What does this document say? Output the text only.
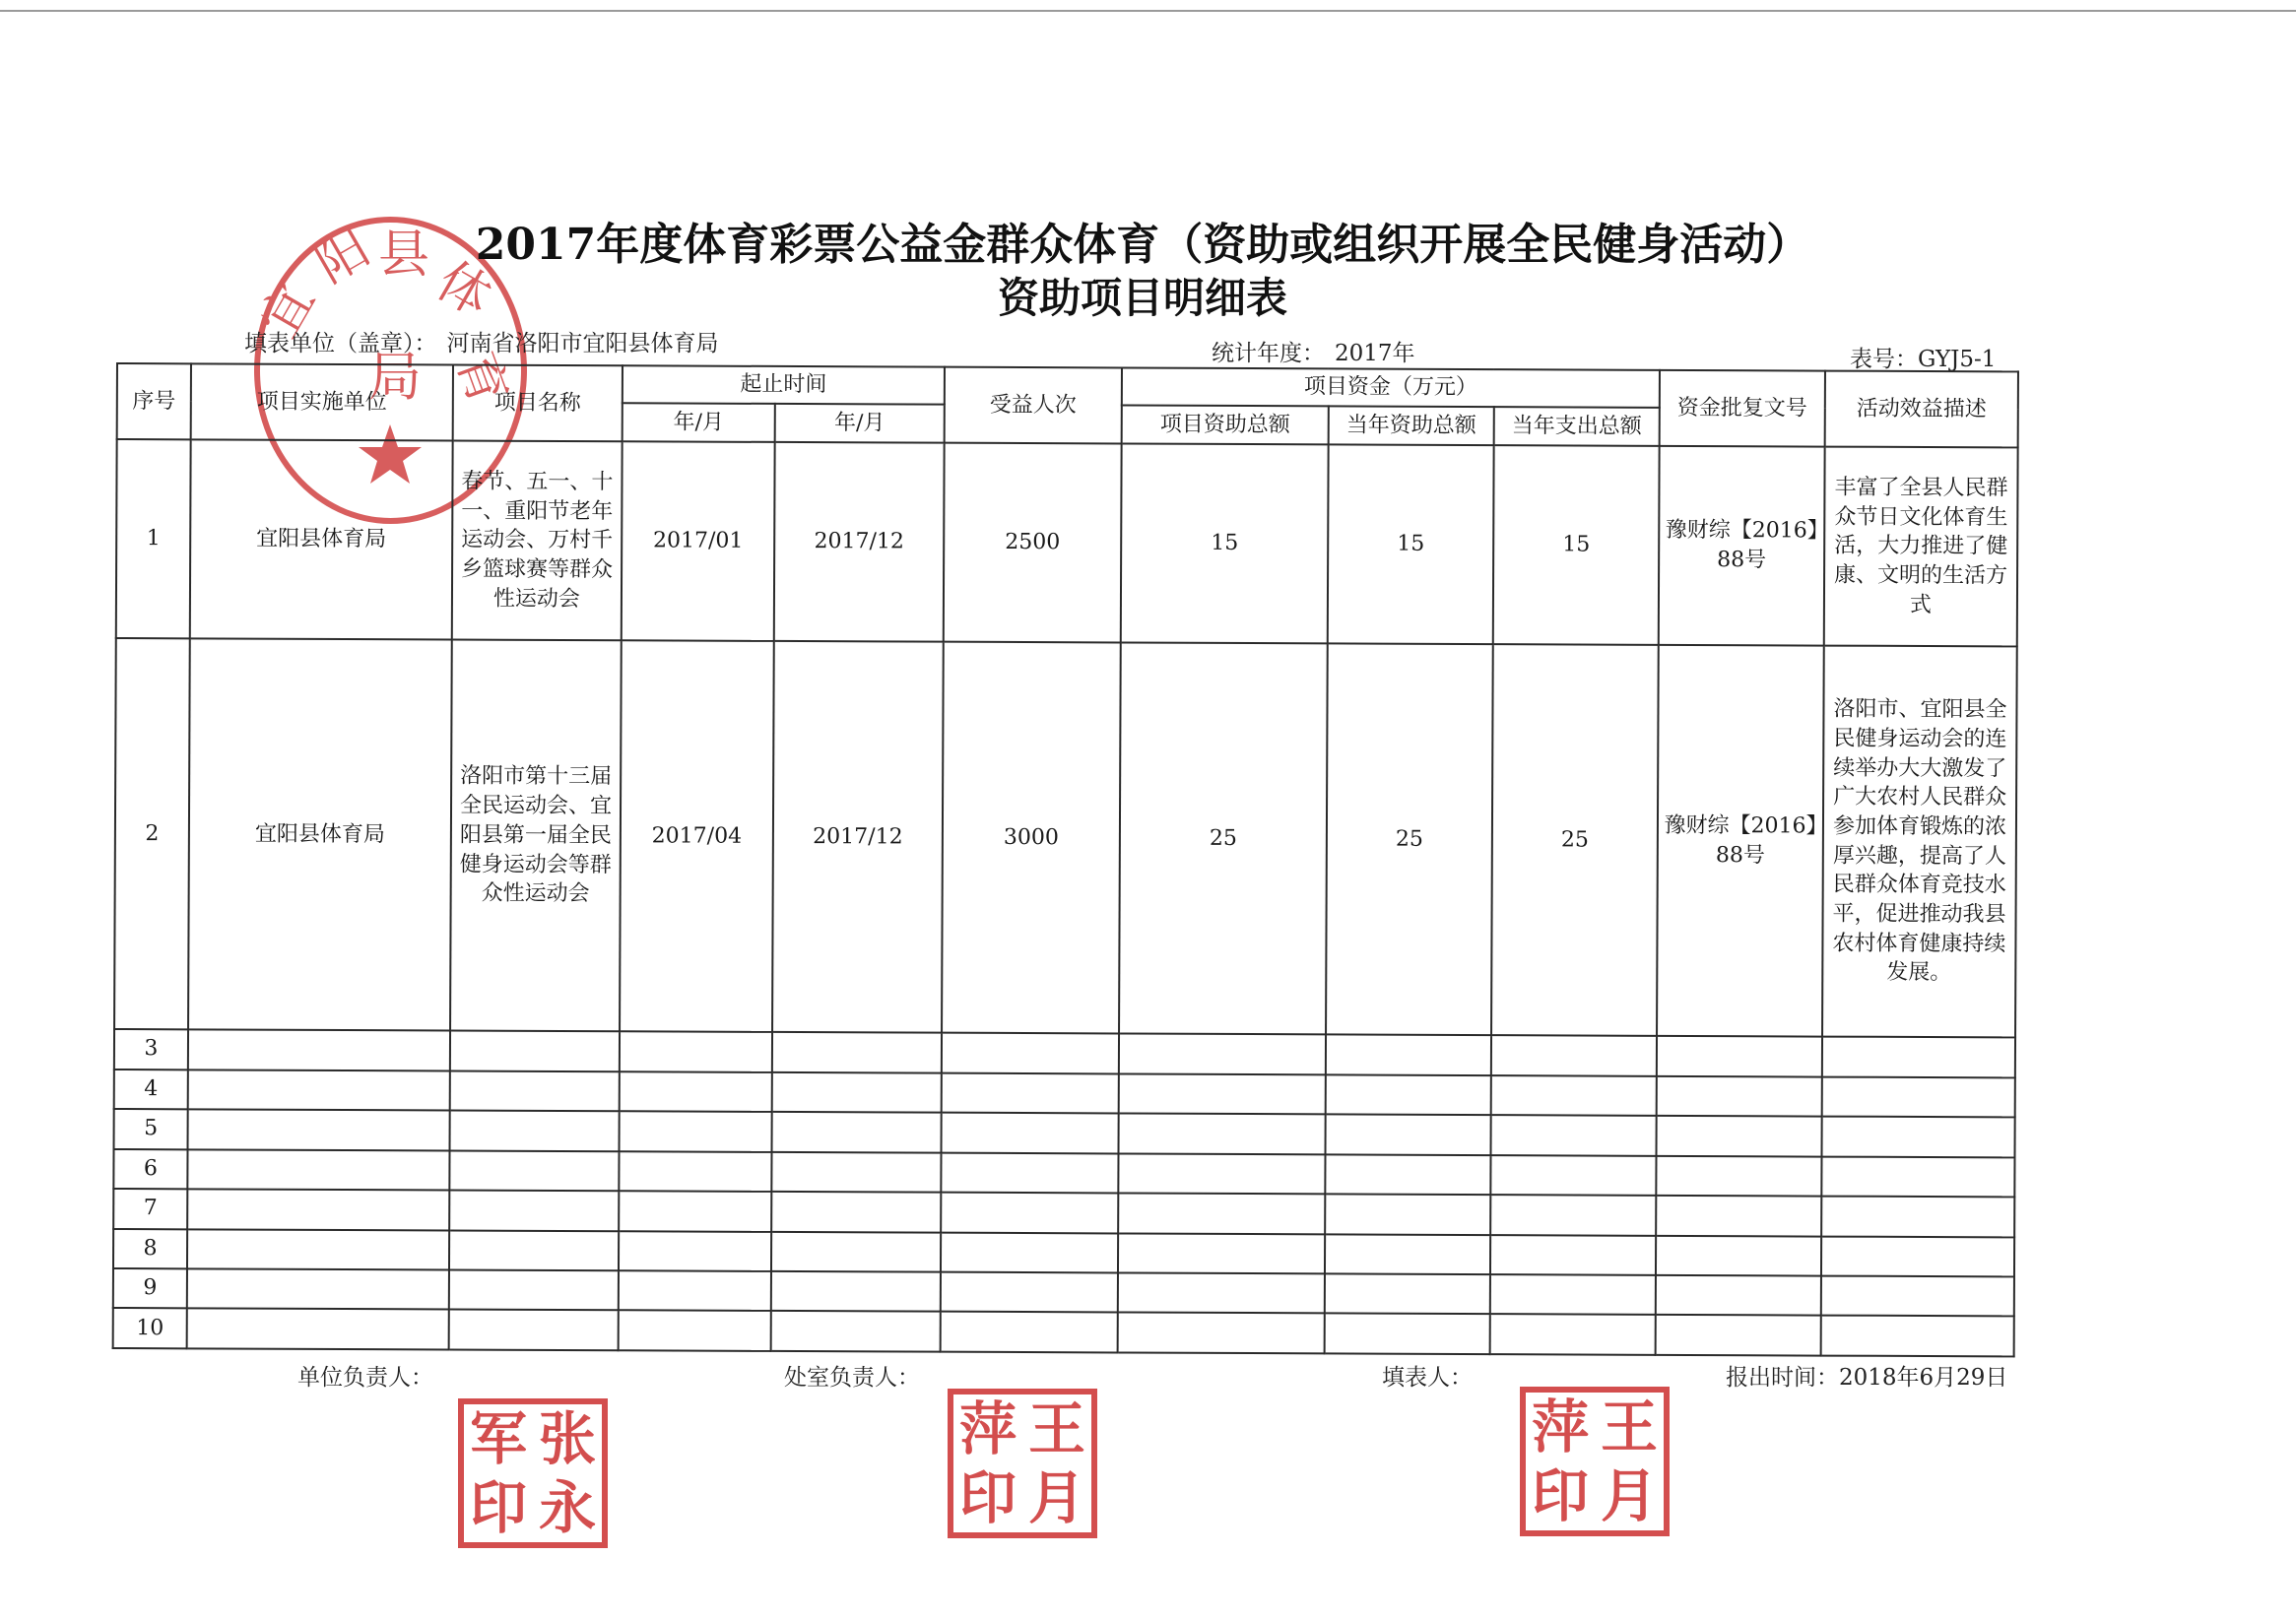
宜
阳
县
体
育
局
2017年度体育彩票公益金群众体育（资助或组织开展全民健身活动）
资助项目明细表
填表单位（盖章）： 河南省洛阳市宜阳县体育局	统计年度： 2017年	表号：GYJ5-1
序号	项目实施单位	项目名称	起止时间		受益人次	项目资金（万元）			资金批复文号	活动效益描述
			年/月	年/月		项目资助总额	当年资助总额	当年支出总额		
1	宜阳县体育局	春节、五一、十一、重阳节老年运动会、万村千乡篮球赛等群众性运动会	2017/01	2017/12	2500	15	15	15	豫财综【2016】88号	丰富了全县人民群众节日文化体育生活，大力推进了健康、文明的生活方式

2	宜阳县体育局	洛阳市第十三届全民运动会、宜阳县第一届全民健身运动会等群众性运动会	2017/04	2017/12	3000	25	25	25	豫财综【2016】88号	洛阳市、宜阳县全民健身运动会的连续举办大大激发了广大农村人民群众参加体育锻炼的浓厚兴趣，提高了人民群众体育竞技水平，促进推动我县农村体育健康持续发展。

3										
4										
5										
6										
7										
8										
9										
10										
单位负责人：	处室负责人：	填表人：	报出时间：2018年6月29日
军 张
印 永
萍 王
印 月
萍 王
印 月
